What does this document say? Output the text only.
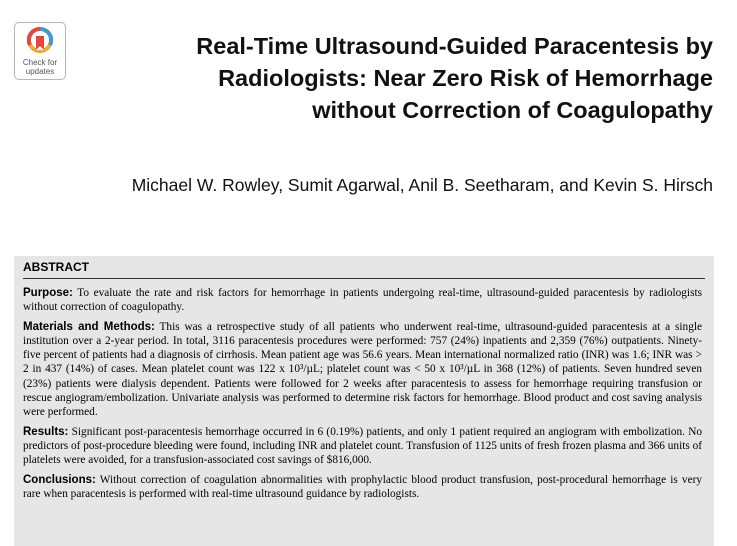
Check for
updates
Real-Time Ultrasound-Guided Paracentesis by Radiologists: Near Zero Risk of Hemorrhage without Correction of Coagulopathy
Michael W. Rowley, Sumit Agarwal, Anil B. Seetharam, and Kevin S. Hirsch
ABSTRACT

Purpose: To evaluate the rate and risk factors for hemorrhage in patients undergoing real-time, ultrasound-guided paracentesis by radiologists without correction of coagulopathy.

Materials and Methods: This was a retrospective study of all patients who underwent real-time, ultrasound-guided paracentesis at a single institution over a 2-year period. In total, 3116 paracentesis procedures were performed: 757 (24%) inpatients and 2,359 (76%) outpatients. Ninety-five percent of patients had a diagnosis of cirrhosis. Mean patient age was 56.6 years. Mean international normalized ratio (INR) was 1.6; INR was > 2 in 437 (14%) of cases. Mean platelet count was 122 x 10³/µL; platelet count was < 50 x 10³/µL in 368 (12%) of patients. Seven hundred seven (23%) patients were dialysis dependent. Patients were followed for 2 weeks after paracentesis to assess for hemorrhage requiring transfusion or rescue angiogram/embolization. Univariate analysis was performed to determine risk factors for hemorrhage. Blood product and cost saving analysis were performed.

Results: Significant post-paracentesis hemorrhage occurred in 6 (0.19%) patients, and only 1 patient required an angiogram with embolization. No predictors of post-procedure bleeding were found, including INR and platelet count. Transfusion of 1125 units of fresh frozen plasma and 366 units of platelets were avoided, for a transfusion-associated cost savings of $816,000.

Conclusions: Without correction of coagulation abnormalities with prophylactic blood product transfusion, post-procedural hemorrhage is very rare when paracentesis is performed with real-time ultrasound guidance by radiologists.
